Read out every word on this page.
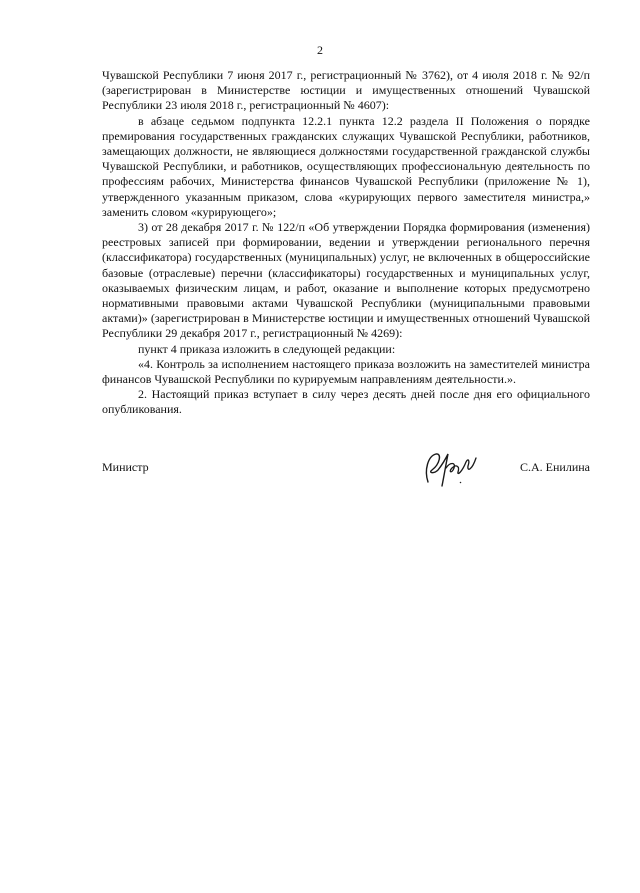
2

Чувашской Республики 7 июня 2017 г., регистрационный № 3762), от 4 июля 2018 г. № 92/п (зарегистрирован в Министерстве юстиции и имущественных отношений Чувашской Республики 23 июля 2018 г., регистрационный № 4607):

в абзаце седьмом подпункта 12.2.1 пункта 12.2 раздела II Положения о порядке премирования государственных гражданских служащих Чувашской Республики, работников, замещающих должности, не являющиеся должностями государственной гражданской службы Чувашской Республики, и работников, осуществляющих профессиональную деятельность по профессиям рабочих, Министерства финансов Чувашской Республики (приложение № 1), утвержденного указанным приказом, слова «курирующих первого заместителя министра,» заменить словом «курирующего»;

3) от 28 декабря 2017 г. № 122/п «Об утверждении Порядка формирования (изменения) реестровых записей при формировании, ведении и утверждении регионального перечня (классификатора) государственных (муниципальных) услуг, не включенных в общероссийские базовые (отраслевые) перечни (классификаторы) государственных и муниципальных услуг, оказываемых физическим лицам, и работ, оказание и выполнение которых предусмотрено нормативными правовыми актами Чувашской Республики (муниципальными правовыми актами)» (зарегистрирован в Министерстве юстиции и имущественных отношений Чувашской Республики 29 декабря 2017 г., регистрационный № 4269):

пункт 4 приказа изложить в следующей редакции:

«4. Контроль за исполнением настоящего приказа возложить на заместителей министра финансов Чувашской Республики по курируемым направлениям деятельности.».

2. Настоящий приказ вступает в силу через десять дней после дня его официального опубликования.

Министр	С.А. Енилина
